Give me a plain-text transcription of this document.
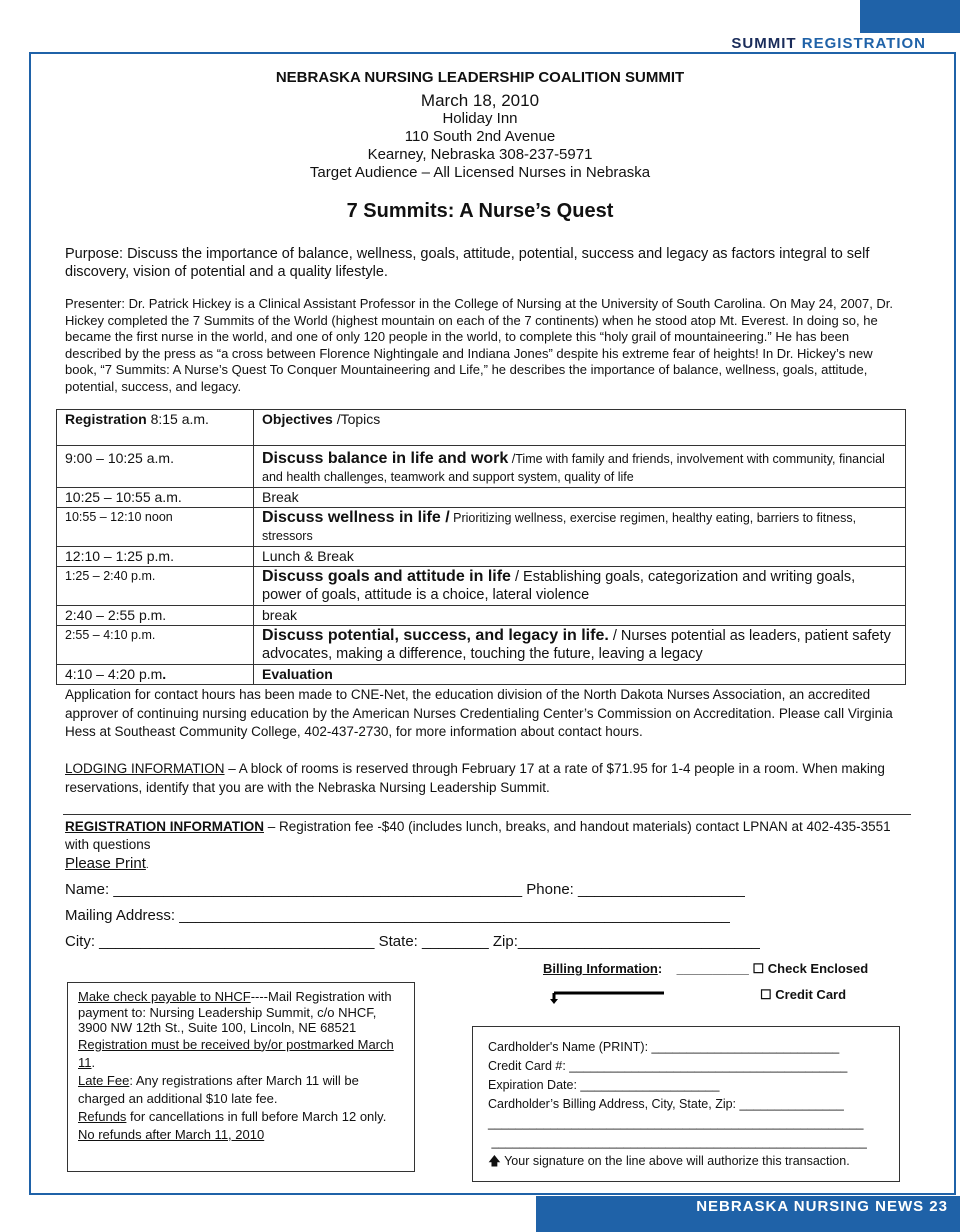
SUMMIT REGISTRATION
NEBRASKA NURSING LEADERSHIP COALITION SUMMIT
March 18, 2010
Holiday Inn
110 South 2nd Avenue
Kearney, Nebraska 308-237-5971
Target Audience – All Licensed Nurses in Nebraska
7 Summits: A Nurse’s Quest
Purpose: Discuss the importance of balance, wellness, goals, attitude, potential, success and legacy as factors integral to self discovery, vision of potential and a quality lifestyle.
Presenter: Dr. Patrick Hickey is a Clinical Assistant Professor in the College of Nursing at the University of South Carolina. On May 24, 2007, Dr. Hickey completed the 7 Summits of the World (highest mountain on each of the 7 continents) when he stood atop Mt. Everest. In doing so, he became the first nurse in the world, and one of only 120 people in the world, to complete this “holy grail of mountaineering.” He has been described by the press as “a cross between Florence Nightingale and Indiana Jones” despite his extreme fear of heights! In Dr. Hickey’s new book, “7 Summits: A Nurse’s Quest To Conquer Mountaineering and Life,” he describes the importance of balance, wellness, goals, attitude, potential, success, and legacy.
Registration 8:15 a.m.	Objectives /Topics
9:00 – 10:25 a.m.	Discuss balance in life and work /Time with family and friends, involvement with community, financial and health challenges, teamwork and support system, quality of life
10:25 – 10:55 a.m.	Break
10:55 – 12:10 noon	Discuss wellness in life / Prioritizing wellness, exercise regimen, healthy eating, barriers to fitness, stressors
12:10 – 1:25 p.m.	Lunch & Break
1:25 – 2:40 p.m.	Discuss goals and attitude in life / Establishing goals, categorization and writing goals, power of goals, attitude is a choice, lateral violence
2:40 – 2:55 p.m.	break
2:55 – 4:10 p.m.	Discuss potential, success, and legacy in life. / Nurses potential as leaders, patient safety advocates, making a difference, touching the future, leaving a legacy
4:10 – 4:20 p.m.	Evaluation
Application for contact hours has been made to CNE-Net, the education division of the North Dakota Nurses Association, an accredited approver of continuing nursing education by the American Nurses Credentialing Center’s Commission on Accreditation. Please call Virginia Hess at Southeast Community College, 402-437-2730, for more information about contact hours.
LODGING INFORMATION – A block of rooms is reserved through February 17 at a rate of $71.95 for 1-4 people in a room. When making reservations, identify that you are with the Nebraska Nursing Leadership Summit.
REGISTRATION INFORMATION – Registration fee -$40 (includes lunch, breaks, and handout materials) contact LPNAN at 402-435-3551 with questions
Please Print.
Name: _________________________________________________ Phone: ____________________
Mailing Address: __________________________________________________________________
City: _________________________________ State: ________ Zip:_____________________________
Billing Information:    __________ ☐ Check Enclosed
☐ Credit Card
Make check payable to NHCF----Mail Registration with payment to: Nursing Leadership Summit, c/o NHCF, 3900 NW 12th St., Suite 100, Lincoln, NE 68521
Registration must be received by/or postmarked March 11.
Late Fee: Any registrations after March 11 will be charged an additional $10 late fee.
Refunds for cancellations in full before March 12 only. No refunds after March 11, 2010
Cardholder's Name (PRINT): ___________________________
Credit Card #: ________________________________________
Expiration Date: ____________________
Cardholder’s Billing Address, City, State, Zip: _______________
______________________________________________________
______________________________________________________
🡅 Your signature on the line above will authorize this transaction.
NEBRASKA NURSING NEWS 23
